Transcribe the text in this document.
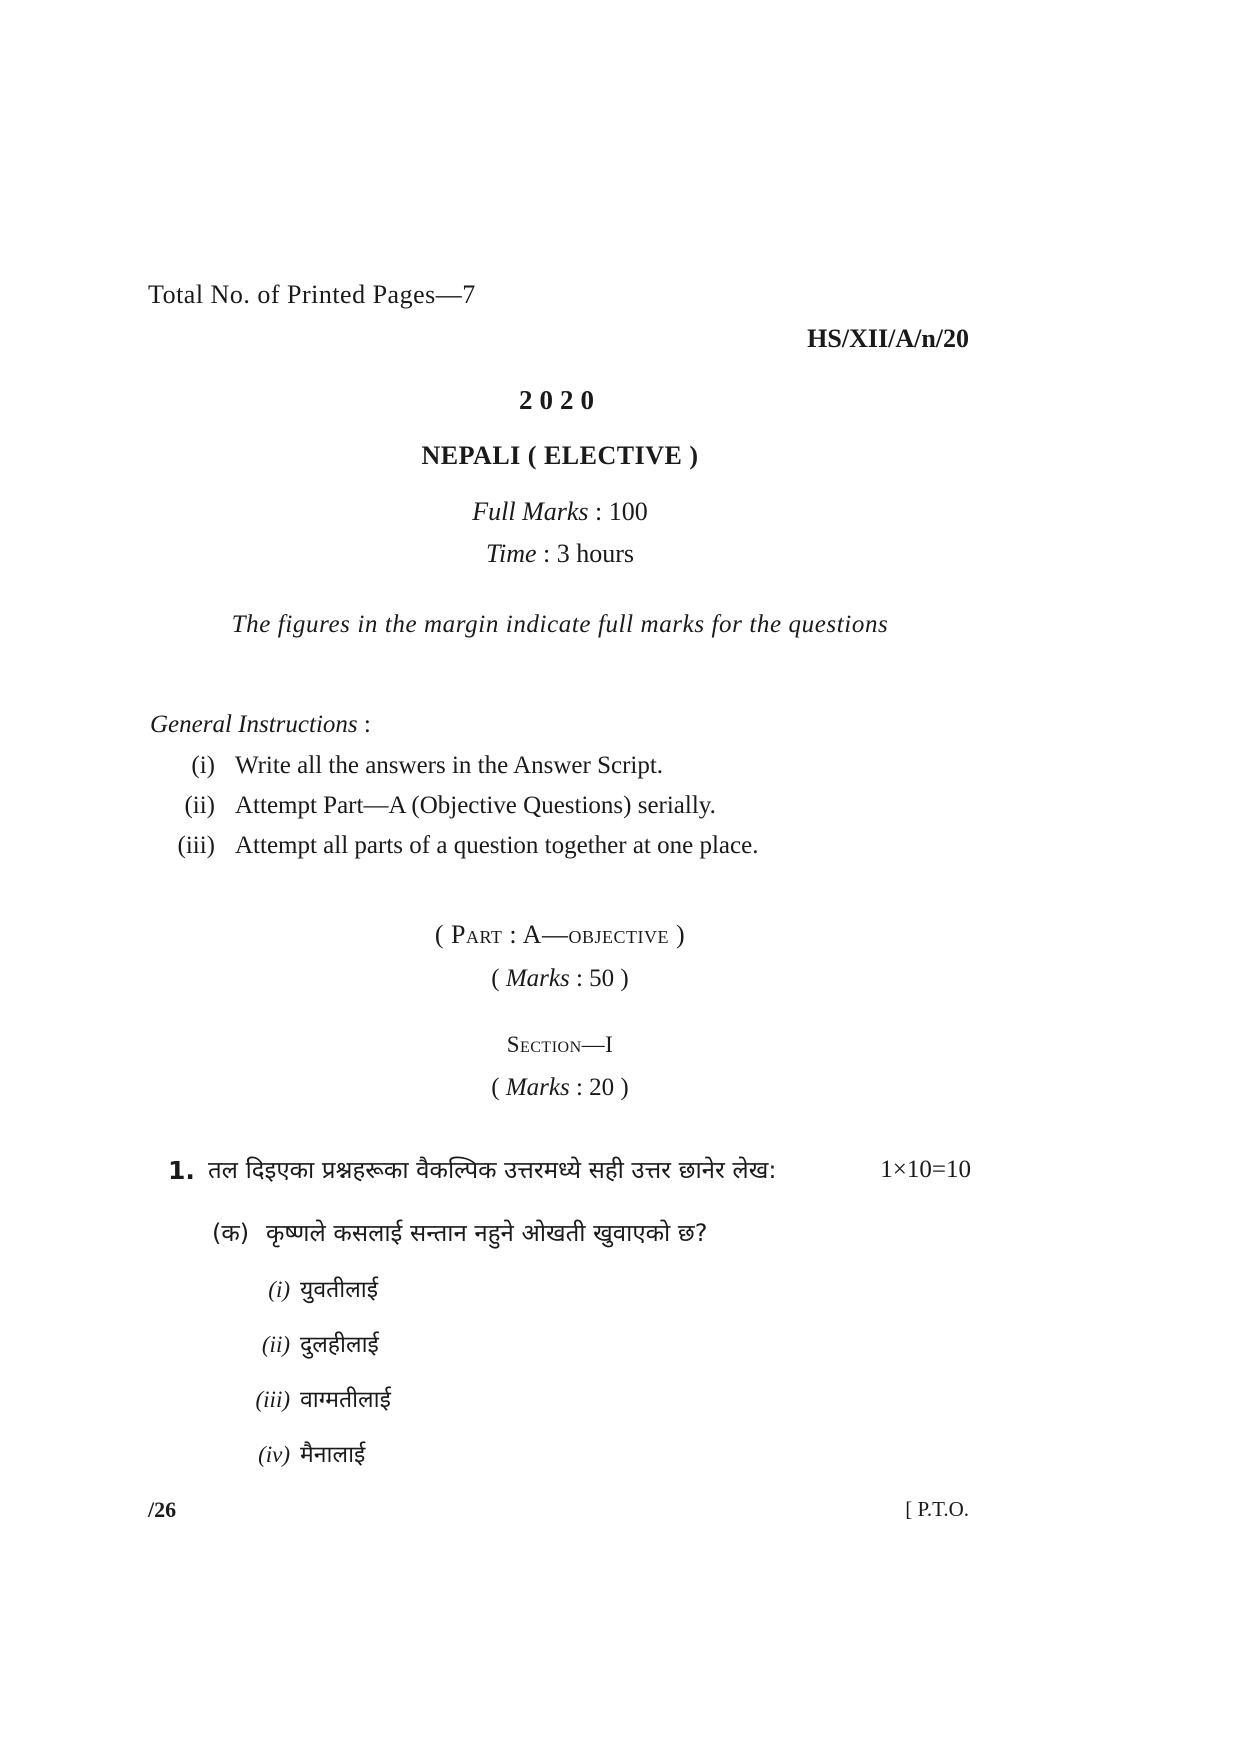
Total No. of Printed Pages—7
HS/XII/A/n/20
2020
NEPALI ( ELECTIVE )
Full Marks : 100
Time : 3 hours
The figures in the margin indicate full marks for the questions
General Instructions :
(i) Write all the answers in the Answer Script.
(ii) Attempt Part—A (Objective Questions) serially.
(iii) Attempt all parts of a question together at one place.
( Part : A—objective )
( Marks : 50 )
Section—I
( Marks : 20 )
1. तल दिइएका प्रश्नहरूका वैकल्पिक उत्तरमध्ये सही उत्तर छानेर लेख:	1×10=10
(क) कृष्णले कसलाई सन्तान नहुने ओखती खुवाएको छ?
(i) युवतीलाई
(ii) दुलहीलाई
(iii) वाग्मतीलाई
(iv) मैनालाई
/26	[ P.T.O.
